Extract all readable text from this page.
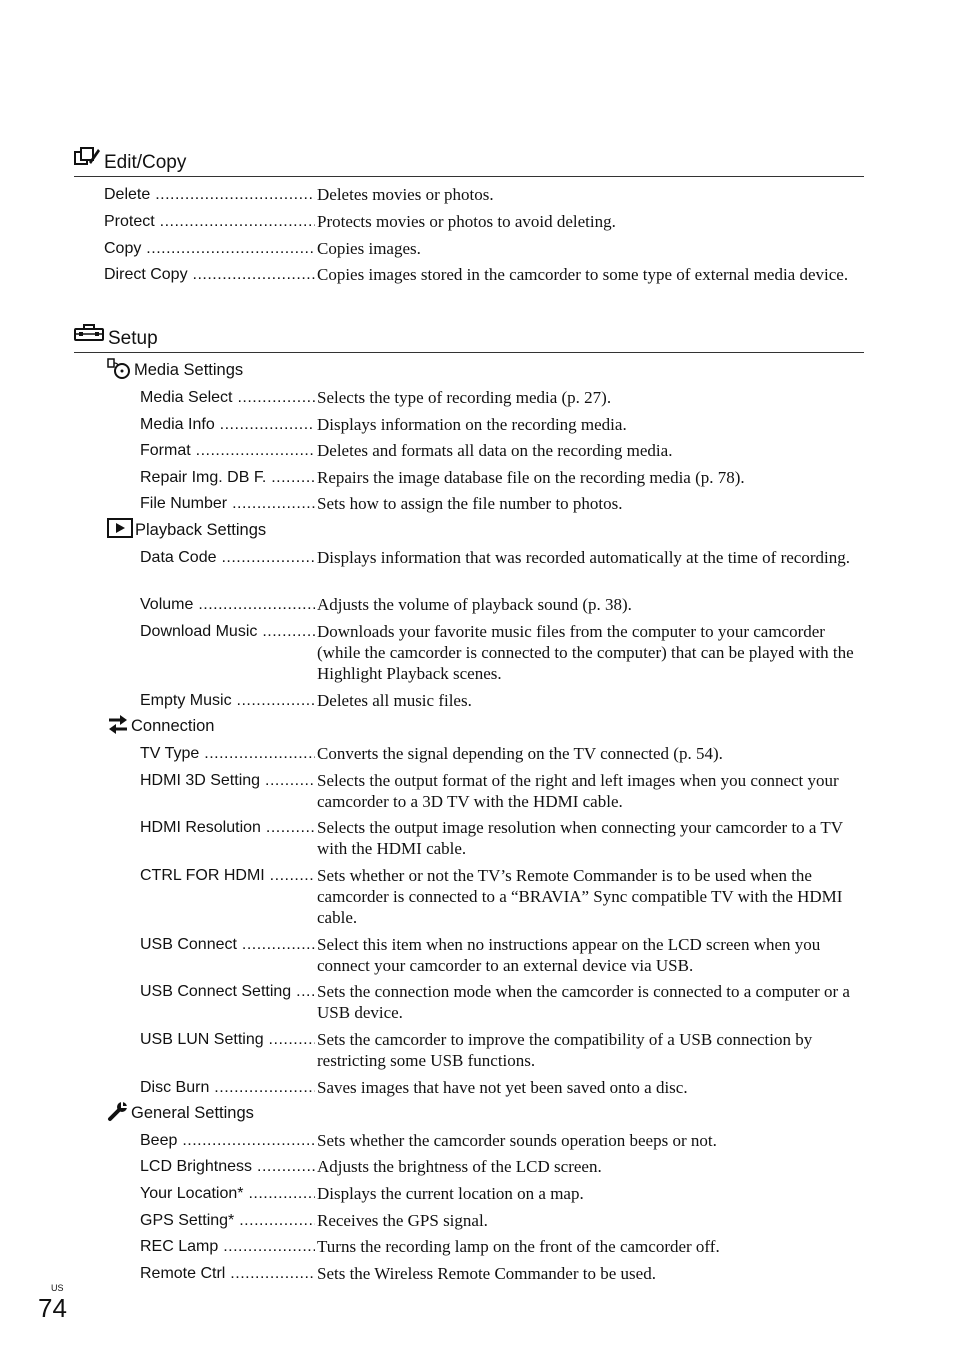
Edit/Copy
Delete .....	Deletes movies or photos.
Protect .....	Protects movies or photos to avoid deleting.
Copy .....	Copies images.
Direct Copy .....	Copies images stored in the camcorder to some type of external media device.
Setup
Media Settings
Media Select .....	Selects the type of recording media (p. 27).
Media Info .....	Displays information on the recording media.
Format .....	Deletes and formats all data on the recording media.
Repair Img. DB F. .....	Repairs the image database file on the recording media (p. 78).
File Number .....	Sets how to assign the file number to photos.
Playback Settings
Data Code .....	Displays information that was recorded automatically at the time of recording.
Volume .....	Adjusts the volume of playback sound (p. 38).
Download Music .....	Downloads your favorite music files from the computer to your camcorder (while the camcorder is connected to the computer) that can be played with the Highlight Playback scenes.
Empty Music .....	Deletes all music files.
Connection
TV Type .....	Converts the signal depending on the TV connected (p. 54).
HDMI 3D Setting .....	Selects the output format of the right and left images when you connect your camcorder to a 3D TV with the HDMI cable.
HDMI Resolution .....	Selects the output image resolution when connecting your camcorder to a TV with the HDMI cable.
CTRL FOR HDMI .....	Sets whether or not the TV’s Remote Commander is to be used when the camcorder is connected to a “BRAVIA” Sync compatible TV with the HDMI cable.
USB Connect .....	Select this item when no instructions appear on the LCD screen when you connect your camcorder to an external device via USB.
USB Connect Setting .....	Sets the connection mode when the camcorder is connected to a computer or a USB device.
USB LUN Setting .....	Sets the camcorder to improve the compatibility of a USB connection by restricting some USB functions.
Disc Burn .....	Saves images that have not yet been saved onto a disc.
General Settings
Beep .....	Sets whether the camcorder sounds operation beeps or not.
LCD Brightness .....	Adjusts the brightness of the LCD screen.
Your Location* .....	Displays the current location on a map.
GPS Setting* .....	Receives the GPS signal.
REC Lamp .....	Turns the recording lamp on the front of the camcorder off.
Remote Ctrl .....	Sets the Wireless Remote Commander to be used.
US
74
